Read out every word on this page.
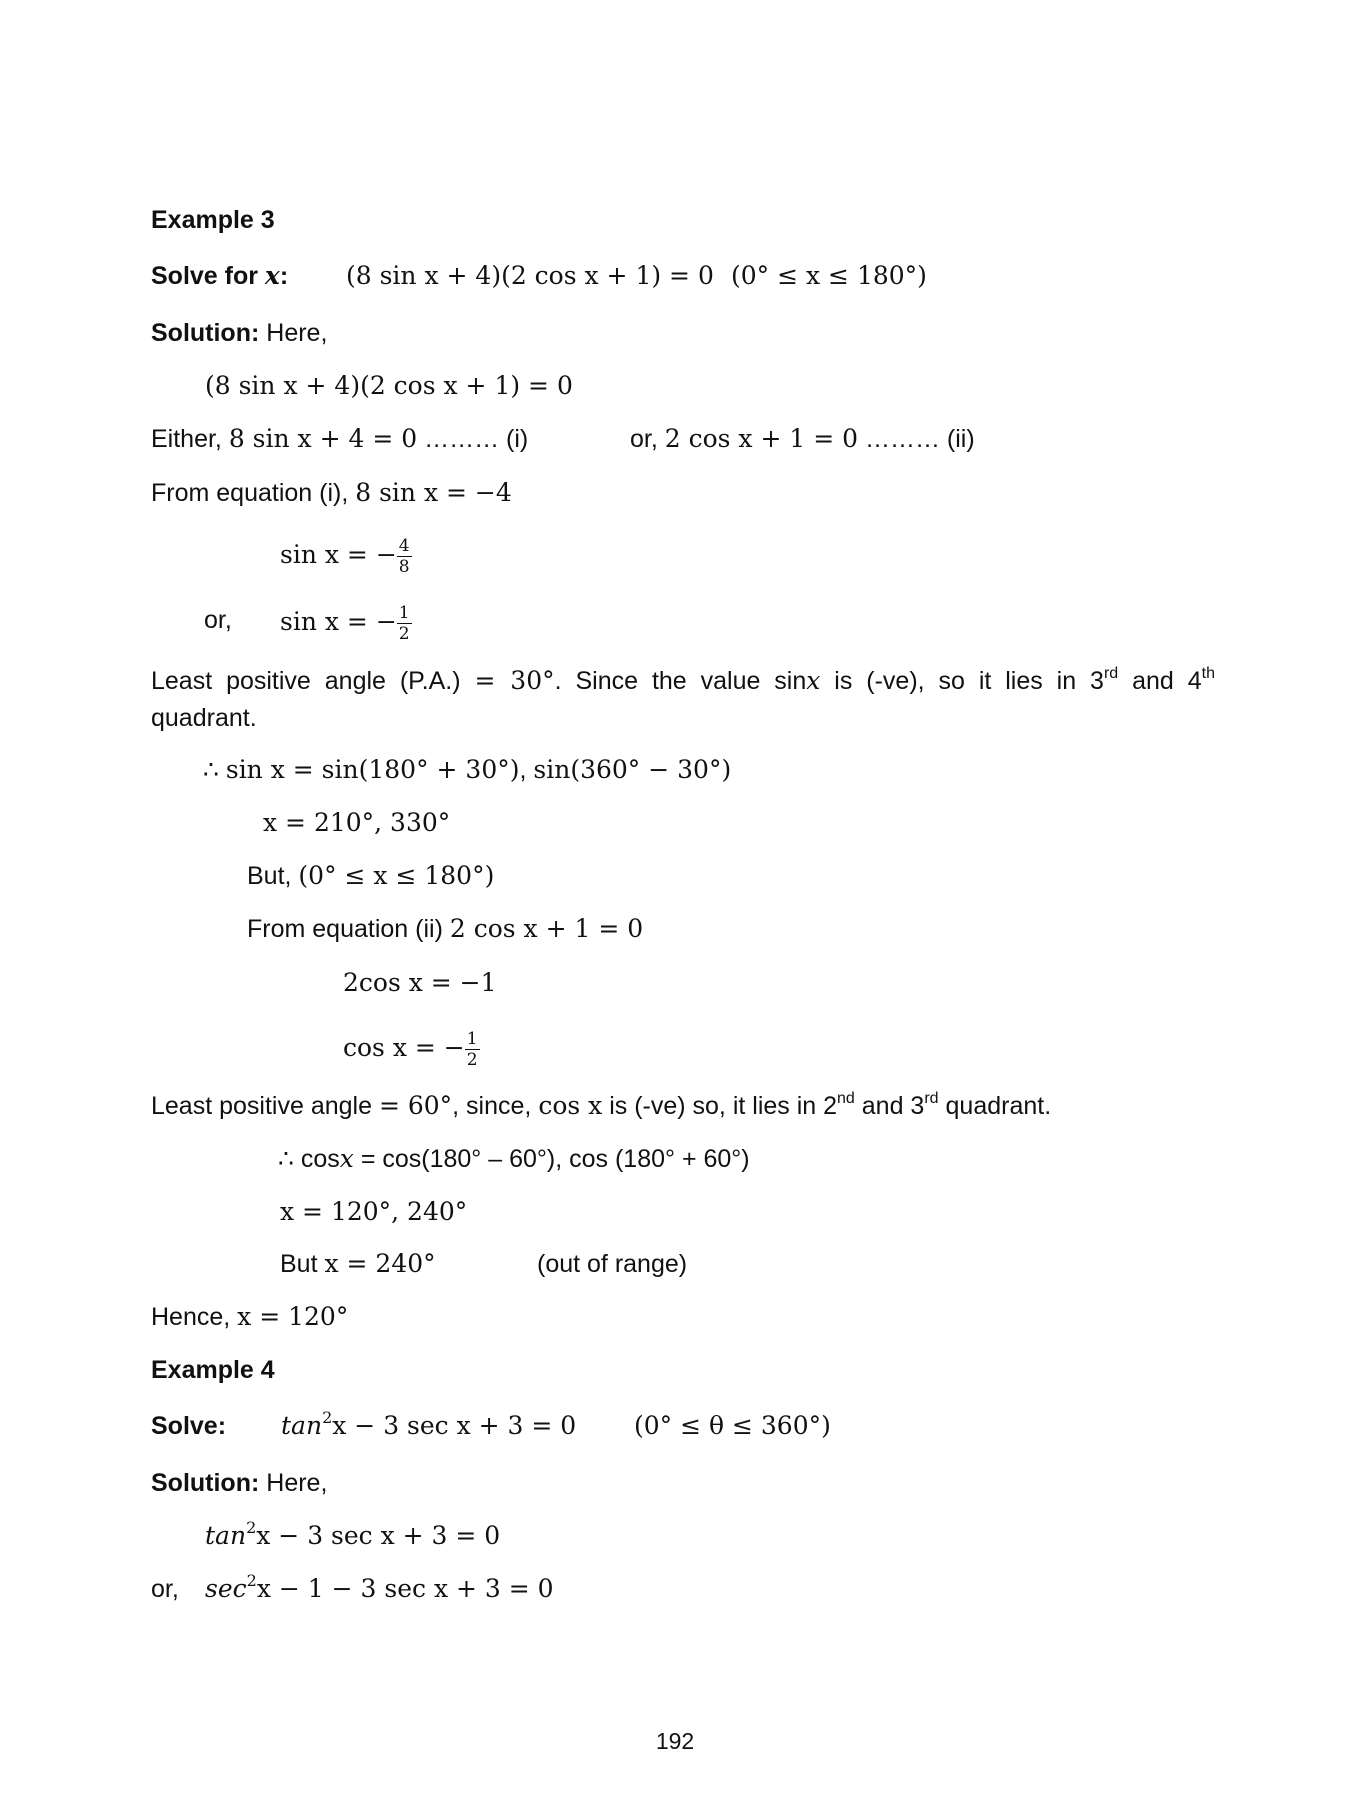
Example 3
Solve for x: (8 sin x + 4)(2 cos x + 1) = 0 (0° ≤ x ≤ 180°)
Solution: Here,
(8 sin x + 4)(2 cos x + 1) = 0
Either, 8 sin x + 4 = 0 ……… (i)	or, 2 cos x + 1 = 0 ……… (ii)
From equation (i), 8 sin x = −4
sin x = − $\frac{4}{8}$
or, sin x = − $\frac{1}{2}$
Least positive angle (P.A.) = 30°. Since the value sinx is (-ve), so it lies in 3rd and 4th
quadrant.
∴ sin x = sin(180° + 30°), sin(360° − 30°)
x = 210°, 330°
But, (0° ≤ x ≤ 180°)
From equation (ii) 2 cos x + 1 = 0
2cos x = −1
cos x = − $\frac{1}{2}$
Least positive angle = 60°, since, cos x is (-ve) so, it lies in 2nd and 3rd quadrant.
∴ cosx = cos(180° – 60°), cos (180° + 60°)
x = 120°, 240°
But x = 240°	(out of range)
Hence, x = 120°
Example 4
Solve: $\tan^2x - 3$ sec x + 3 = 0 (0° ≤ θ ≤ 360°)
Solution: Here,
$\tan^2x - 3$ sec x + 3 = 0
or, $\sec^2x - 1 - 3$ sec x + 3 = 0
192
